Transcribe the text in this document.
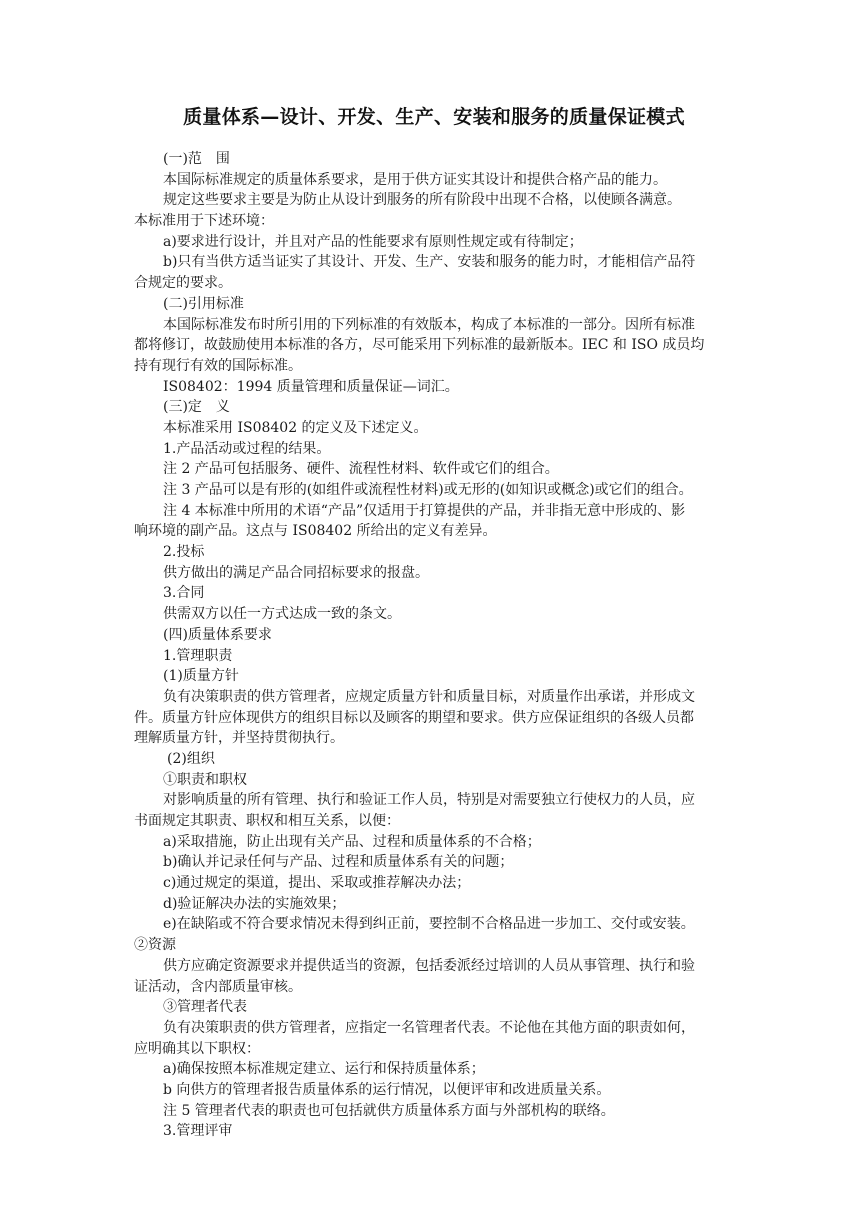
质量体系—设计、开发、生产、安装和服务的质量保证模式
(一)范　围
本国际标准规定的质量体系要求，是用于供方证实其设计和提供合格产品的能力。
规定这些要求主要是为防止从设计到服务的所有阶段中出现不合格，以使顾各满意。
本标准用于下述环境：
a)要求进行设计，并且对产品的性能要求有原则性规定或有待制定；
b)只有当供方适当证实了其设计、开发、生产、安装和服务的能力时，才能相信产品符
合规定的要求。
(二)引用标准
本国际标准发布时所引用的下列标准的有效版本，构成了本标准的一部分。因所有标准
都将修订，故鼓励使用本标准的各方，尽可能采用下列标准的最新版本。IEC 和 ISO 成员均
持有现行有效的国际标准。
IS08402：1994 质量管理和质量保证—词汇。
(三)定　义
本标准采用 IS08402 的定义及下述定义。
1.产品活动或过程的结果。
注 2 产品可包括服务、硬件、流程性材料、软件或它们的组合。
注 3 产品可以是有形的(如组件或流程性材料)或无形的(如知识或概念)或它们的组合。
注 4 本标准中所用的术语“产品”仅适用于打算提供的产品，并非指无意中形成的、影
响环境的副产品。这点与 IS08402 所给出的定义有差异。
2.投标
供方做出的满足产品合同招标要求的报盘。
3.合同
供需双方以任一方式达成一致的条文。
(四)质量体系要求
1.管理职责
(1)质量方针
负有决策职责的供方管理者，应规定质量方针和质量目标，对质量作出承诺，并形成文
件。质量方针应体现供方的组织目标以及顾客的期望和要求。供方应保证组织的各级人员都
理解质量方针，并坚持贯彻执行。
(2)组织
①职责和职权
对影响质量的所有管理、执行和验证工作人员，特别是对需要独立行使权力的人员，应
书面规定其职责、职权和相互关系，以便：
a)采取措施，防止出现有关产品、过程和质量体系的不合格；
b)确认并记录任何与产品、过程和质量体系有关的问题；
c)通过规定的渠道，提出、采取或推荐解决办法；
d)验证解决办法的实施效果；
e)在缺陷或不符合要求情况未得到纠正前，要控制不合格品进一步加工、交付或安装。
②资源
供方应确定资源要求并提供适当的资源，包括委派经过培训的人员从事管理、执行和验
证活动，含内部质量审核。
③管理者代表
负有决策职责的供方管理者，应指定一名管理者代表。不论他在其他方面的职责如何，
应明确其以下职权：
a)确保按照本标准规定建立、运行和保持质量体系；
b 向供方的管理者报告质量体系的运行情况，以便评审和改进质量关系。
注 5 管理者代表的职责也可包括就供方质量体系方面与外部机构的联络。
3.管理评审
